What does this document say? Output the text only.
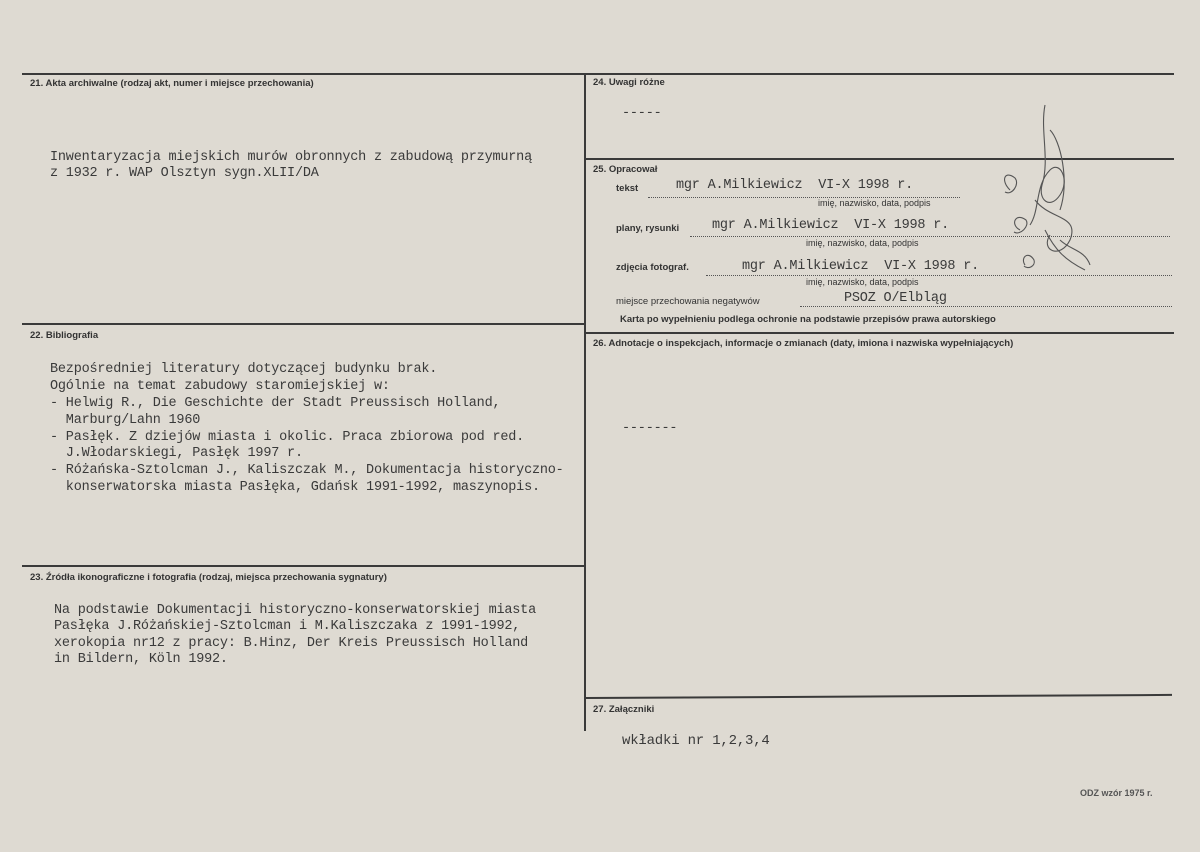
21. Akta archiwalne (rodzaj akt, numer i miejsce przechowania)
Inwentaryzacja miejskich murów obronnych z zabudową przymurną
z 1932 r. WAP Olsztyn sygn.XLII/DA
22. Bibliografia
Bezpośredniej literatury dotyczącej budynku brak.
Ogólnie na temat zabudowy staromiejskiej w:
- Helwig R., Die Geschichte der Stadt Preussisch Holland,
Marburg/Lahn 1960
- Pasłęk. Z dziejów miasta i okolic. Praca zbiorowa pod red.
J.Włodarskiegi, Pasłęk 1997 r.
- Różańska-Sztolcman J., Kaliszczak M., Dokumentacja historyczno-
konserwatorska miasta Pasłęka, Gdańsk 1991-1992, maszynopis.
23. Źródła ikonograficzne i fotografia (rodzaj, miejsca przechowania sygnatury)
Na podstawie Dokumentacji historyczno-konserwatorskiej miasta
Pasłęka J.Różańskiej-Sztolcman i M.Kaliszczaka z 1991-1992,
xerokopia nr12 z pracy: B.Hinz, Der Kreis Preussisch Holland
in Bildern, Köln 1992.
24. Uwagi różne
-----
25. Opracował
tekst	mgr A.Milkiewicz  VI-X 1998 r.
imię, nazwisko, data, podpis
plany, rysunki mgr A.Milkiewicz  VI-X 1998 r.
imię, nazwisko, data, podpis
zdjęcia fotograf.	mgr A.Milkiewicz  VI-X 1998 r.
imię, nazwisko, data, podpis
miejsce przechowania negatywów	PSOZ O/Elbląg
Karta po wypełnieniu podlega ochronie na podstawie przepisów prawa autorskiego
26. Adnotacje o inspekcjach, informacje o zmianach (daty, imiona i nazwiska wypełniających)
-------
27. Załączniki
wkładki nr 1,2,3,4
ODZ wzór 1975 r.
